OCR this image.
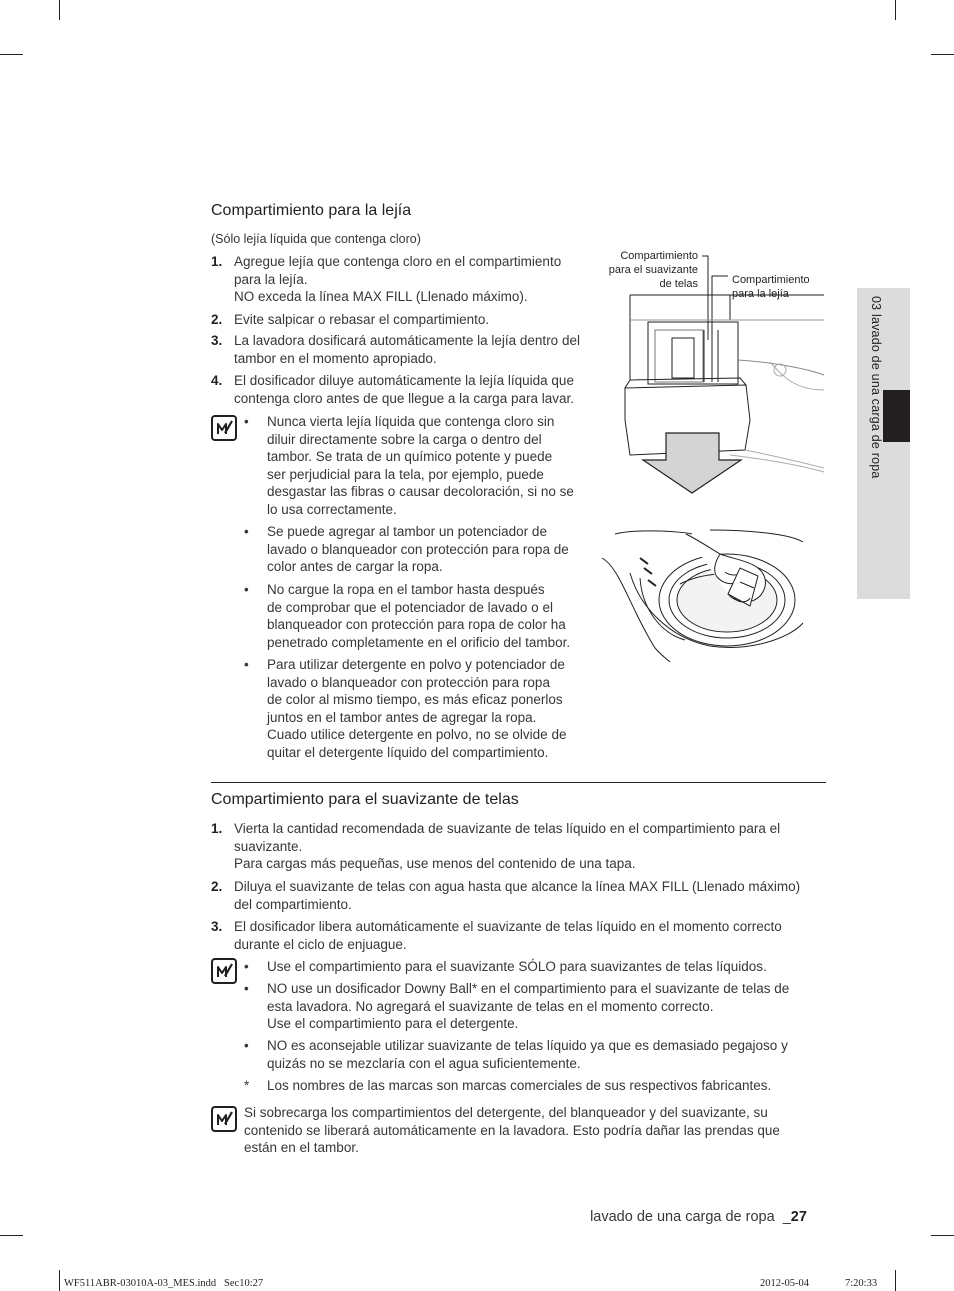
03 lavado de una carga de ropa
Compartimiento para la lejía
(Sólo lejía líquida que contenga cloro)
1. Agregue lejía que contenga cloro en el compartimiento
para la lejía.
NO exceda la línea MAX FILL (Llenado máximo).
2. Evite salpicar o rebasar el compartimiento.
3. La lavadora dosificará automáticamente la lejía dentro del
tambor en el momento apropiado.
4. El dosificador diluye automáticamente la lejía líquida que
contenga cloro antes de que llegue a la carga para lavar.
• Nunca vierta lejía líquida que contenga cloro sin
diluir directamente sobre la carga o dentro del
tambor. Se trata de un químico potente y puede
ser perjudicial para la tela, por ejemplo, puede
desgastar las fibras o causar decoloración, si no se
lo usa correctamente.
• Se puede agregar al tambor un potenciador de
lavado o blanqueador con protección para ropa de
color antes de cargar la ropa.
• No cargue la ropa en el tambor hasta después
de comprobar que el potenciador de lavado o el
blanqueador con protección para ropa de color ha
penetrado completamente en el orificio del tambor.
• Para utilizar detergente en polvo y potenciador de
lavado o blanqueador con protección para ropa
de color al mismo tiempo, es más eficaz ponerlos
juntos en el tambor antes de agregar la ropa.
Cuado utilice detergente en polvo, no se olvide de
quitar el detergente líquido del compartimiento.
Compartimiento
para el suavizante
de telas	Compartimiento
para la lejía
Compartimiento para el suavizante de telas
1. Vierta la cantidad recomendada de suavizante de telas líquido en el compartimiento para el
suavizante.
Para cargas más pequeñas, use menos del contenido de una tapa.
2. Diluya el suavizante de telas con agua hasta que alcance la línea MAX FILL (Llenado máximo)
del compartimiento.
3. El dosificador libera automáticamente el suavizante de telas líquido en el momento correcto
durante el ciclo de enjuague.
• Use el compartimiento para el suavizante SÓLO para suavizantes de telas líquidos.
• NO use un dosificador Downy Ball* en el compartimiento para el suavizante de telas de
esta lavadora. No agregará el suavizante de telas en el momento correcto.
Use el compartimiento para el detergente.
• NO es aconsejable utilizar suavizante de telas líquido ya que es demasiado pegajoso y
quizás no se mezclaría con el agua suficientemente.
* Los nombres de las marcas son marcas comerciales de sus respectivos fabricantes.
Si sobrecarga los compartimientos del detergente, del blanqueador y del suavizante, su
contenido se liberará automáticamente en la lavadora. Esto podría dañar las prendas que
están en el tambor.

lavado de una carga de ropa  _27

WF511ABR-03010A-03_MES.indd   Sec10:27	2012-05-04	7:20:33
